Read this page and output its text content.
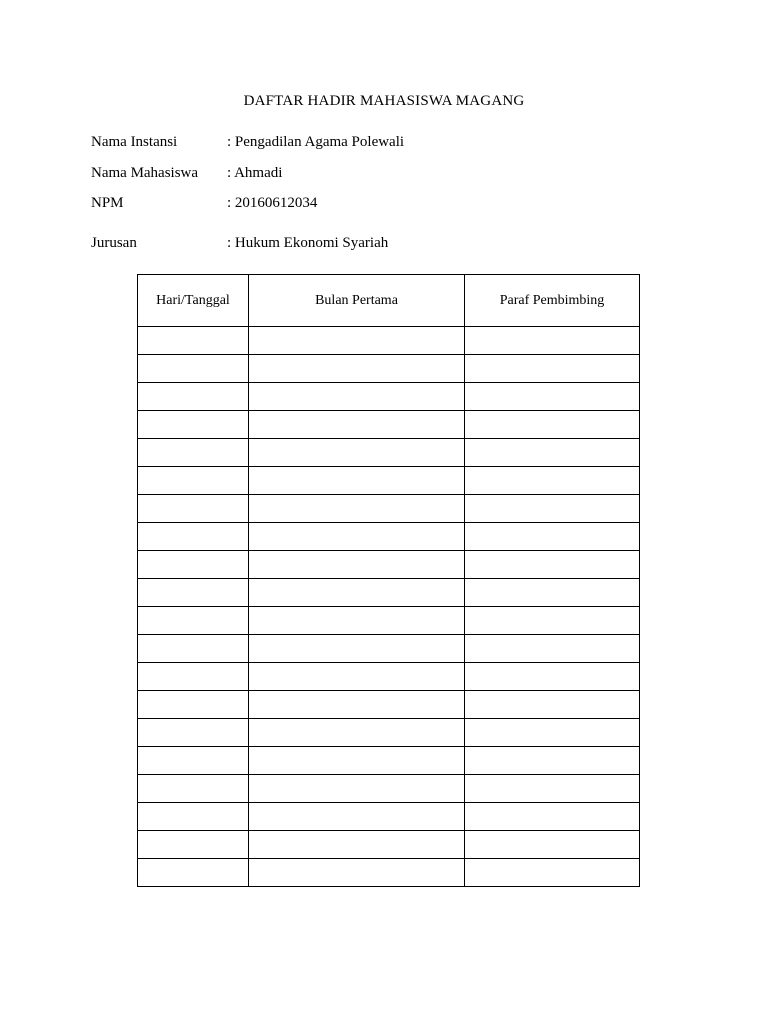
DAFTAR HADIR MAHASISWA MAGANG
Nama Instansi	: Pengadilan Agama Polewali
Nama Mahasiswa : Ahmadi
NPM	: 20160612034
Jurusan	: Hukum Ekonomi Syariah
Hari/Tanggal	Bulan Pertama	Paraf Pembimbing
